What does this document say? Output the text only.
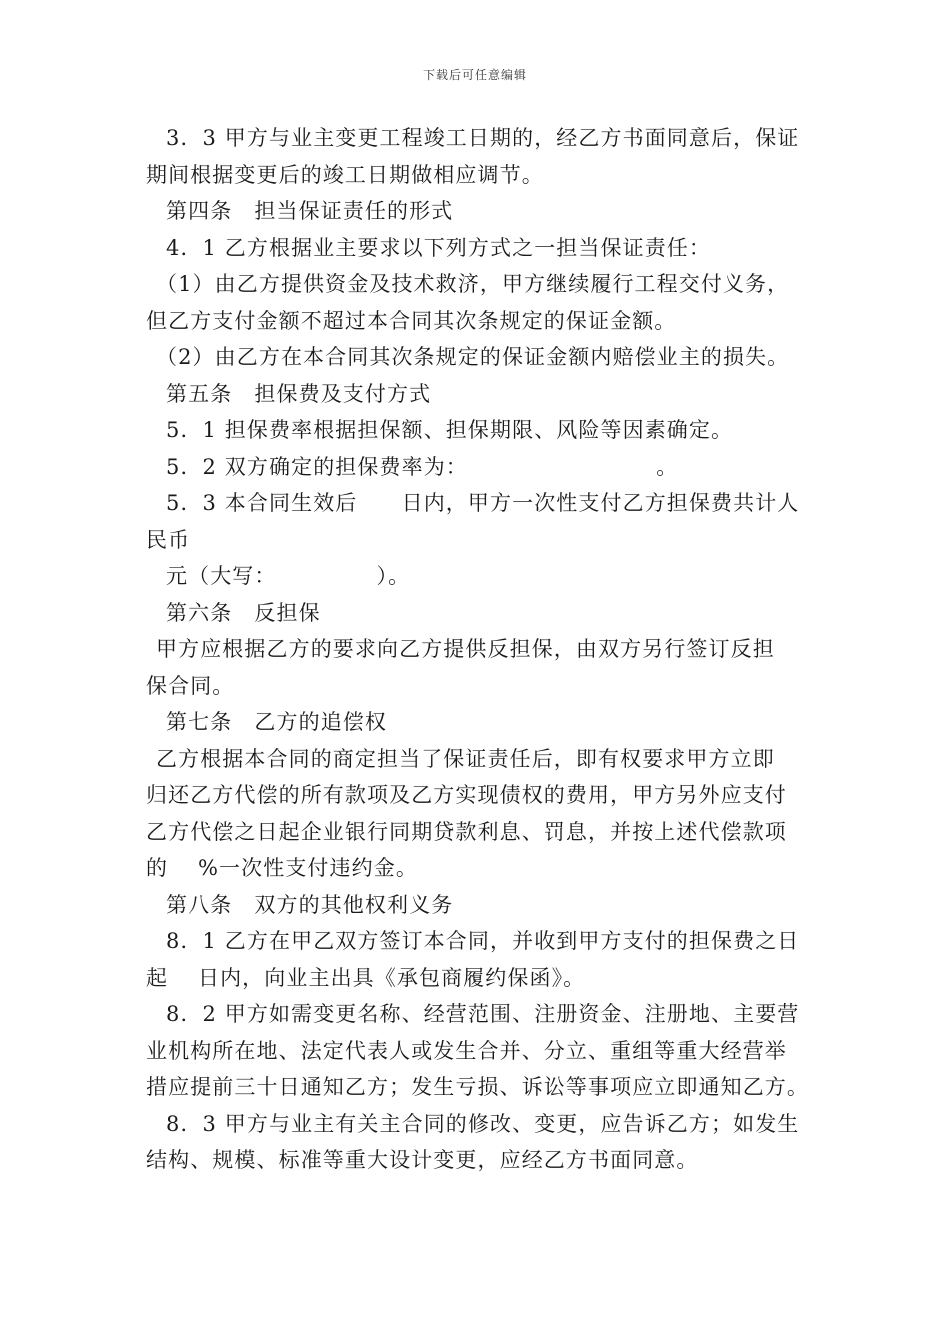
下载后可任意编辑
3．3 甲方与业主变更工程竣工日期的，经乙方书面同意后，保证
期间根据变更后的竣工日期做相应调节。
第四条　担当保证责任的形式
4．1 乙方根据业主要求以下列方式之一担当保证责任：
（1）由乙方提供资金及技术救济，甲方继续履行工程交付义务，
但乙方支付金额不超过本合同其次条规定的保证金额。
（2）由乙方在本合同其次条规定的保证金额内赔偿业主的损失。
第五条　担保费及支付方式
5．1 担保费率根据担保额、担保期限、风险等因素确定。
5．2 双方确定的担保费率为：　　　　　　　　　。
5．3 本合同生效后　　日内，甲方一次性支付乙方担保费共计人
民币
元（大写：　　　　　）。
第六条　反担保
甲方应根据乙方的要求向乙方提供反担保，由双方另行签订反担
保合同。
第七条　乙方的追偿权
乙方根据本合同的商定担当了保证责任后，即有权要求甲方立即
归还乙方代偿的所有款项及乙方实现债权的费用，甲方另外应支付
乙方代偿之日起企业银行同期贷款利息、罚息，并按上述代偿款项
的　 %一次性支付违约金。
第八条　双方的其他权利义务
8．1 乙方在甲乙双方签订本合同，并收到甲方支付的担保费之日
起　 日内，向业主出具《承包商履约保函》。
8．2 甲方如需变更名称、经营范围、注册资金、注册地、主要营
业机构所在地、法定代表人或发生合并、分立、重组等重大经营举
措应提前三十日通知乙方；发生亏损、诉讼等事项应立即通知乙方。
8．3 甲方与业主有关主合同的修改、变更，应告诉乙方；如发生
结构、规模、标准等重大设计变更，应经乙方书面同意。
